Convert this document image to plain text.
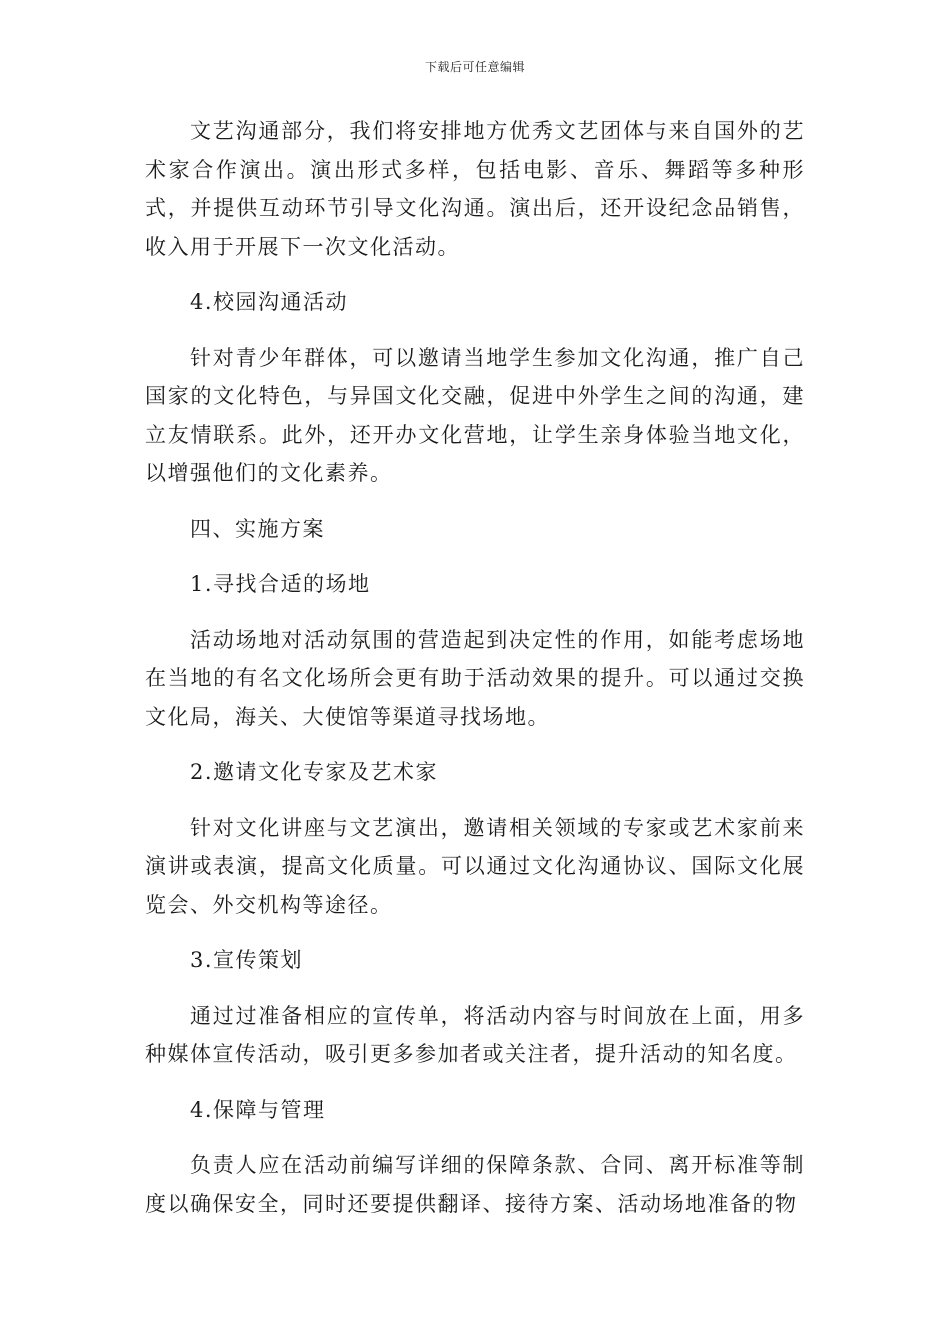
下载后可任意编辑

文艺沟通部分，我们将安排地方优秀文艺团体与来自国外的艺术家合作演出。演出形式多样，包括电影、音乐、舞蹈等多种形式，并提供互动环节引导文化沟通。演出后，还开设纪念品销售，收入用于开展下一次文化活动。

4.校园沟通活动

针对青少年群体，可以邀请当地学生参加文化沟通，推广自己国家的文化特色，与异国文化交融，促进中外学生之间的沟通，建立友情联系。此外，还开办文化营地，让学生亲身体验当地文化，以增强他们的文化素养。

四、实施方案

1.寻找合适的场地

活动场地对活动氛围的营造起到决定性的作用，如能考虑场地在当地的有名文化场所会更有助于活动效果的提升。可以通过交换文化局，海关、大使馆等渠道寻找场地。

2.邀请文化专家及艺术家

针对文化讲座与文艺演出，邀请相关领域的专家或艺术家前来演讲或表演，提高文化质量。可以通过文化沟通协议、国际文化展览会、外交机构等途径。

3.宣传策划

通过过准备相应的宣传单，将活动内容与时间放在上面，用多种媒体宣传活动，吸引更多参加者或关注者，提升活动的知名度。

4.保障与管理

负责人应在活动前编写详细的保障条款、合同、离开标准等制度以确保安全，同时还要提供翻译、接待方案、活动场地准备的物
